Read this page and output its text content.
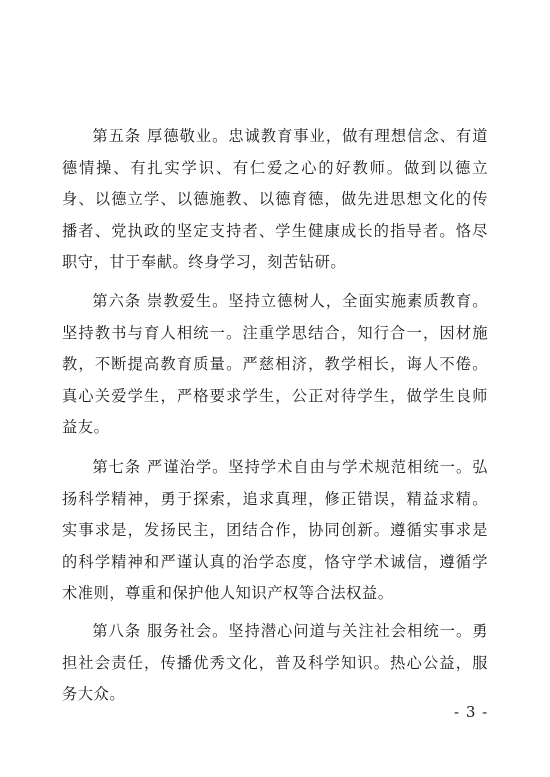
第五条 厚德敬业。忠诚教育事业，做有理想信念、有道德情操、有扎实学识、有仁爱之心的好教师。做到以德立身、以德立学、以德施教、以德育德，做先进思想文化的传播者、党执政的坚定支持者、学生健康成长的指导者。恪尽职守，甘于奉献。终身学习，刻苦钻研。

第六条 崇教爱生。坚持立德树人，全面实施素质教育。坚持教书与育人相统一。注重学思结合，知行合一，因材施教，不断提高教育质量。严慈相济，教学相长，诲人不倦。真心关爱学生，严格要求学生，公正对待学生，做学生良师益友。

第七条 严谨治学。坚持学术自由与学术规范相统一。弘扬科学精神，勇于探索，追求真理，修正错误，精益求精。实事求是，发扬民主，团结合作，协同创新。遵循实事求是的科学精神和严谨认真的治学态度，恪守学术诚信，遵循学术准则，尊重和保护他人知识产权等合法权益。

第八条 服务社会。坚持潜心问道与关注社会相统一。勇担社会责任，传播优秀文化，普及科学知识。热心公益，服务大众。

- 3 -
